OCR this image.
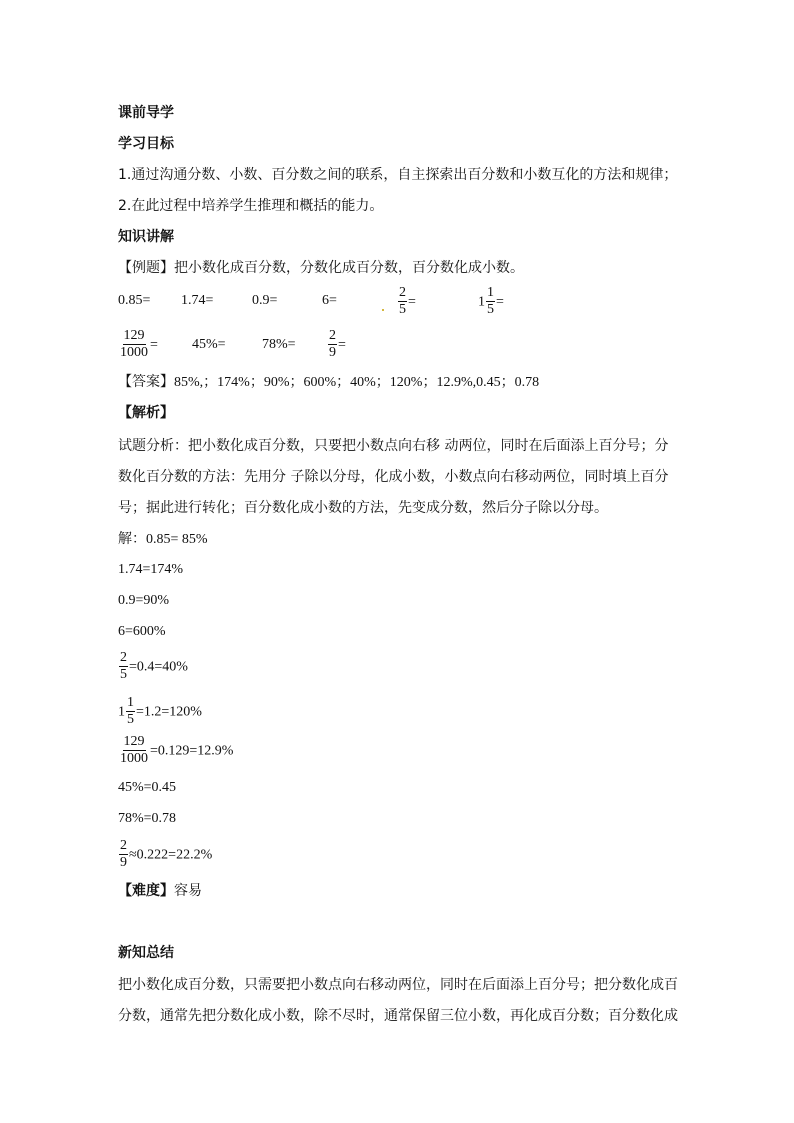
课前导学
学习目标
1.通过沟通分数、小数、百分数之间的联系，自主探索出百分数和小数互化的方法和规律；
2.在此过程中培养学生推理和概括的能力。
知识讲解
【例题】把小数化成百分数，分数化成百分数，百分数化成小数。
0.85= 1.74=	0.9=	6=	$\frac{2}{5}$ =	$1 \frac{1}{5}$ =
$\frac{129}{1000} = 45\%=$	$78\%= \frac{2}{9}$ =
【答案】85%,；174%；90%；600%；40%；120%；12.9%,0.45；0.78
【解析】
试题分析：把小数化成百分数，只要把小数点向右移 动两位，同时在后面添上百分号；分数化百分数的方法：先用分 子除以分母，化成小数，小数点向右移动两位，同时填上百分号；据此进行转化；百分数化成小数的方法，先变成分数，然后分子除以分母。
解：0.85= 85%
1.74=174%
0.9=90%
6=600%
$\frac{2}{5} =0.4=40\%$
$1 \frac{1}{5} =1.2=120\%$
$\frac{129}{1000} =0.129=12.9\%$
45%=0.45
78%=0.78
$\frac{2}{9} \approx 0.222=22.2\%$
【难度】容易
新知总结
把小数化成百分数，只需要把小数点向右移动两位，同时在后面添上百分号；把分数化成百分数，通常先把分数化成小数，除不尽时，通常保留三位小数，再化成百分数；百分数化成
